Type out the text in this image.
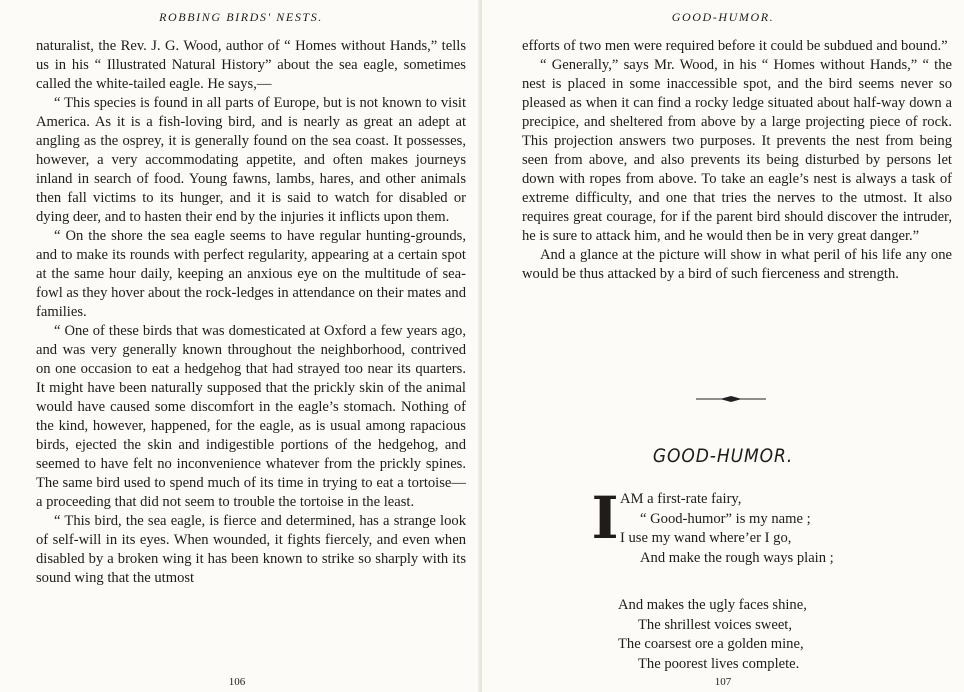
ROBBING BIRDS' NESTS.

naturalist, the Rev. J. G. Wood, author of “ Homes without Hands,” tells us in his “ Illustrated Natural History” about the sea eagle, sometimes called the white-tailed eagle. He says,—

“ This species is found in all parts of Europe, but is not known to visit America. As it is a fish-loving bird, and is nearly as great an adept at angling as the osprey, it is generally found on the sea coast. It possesses, however, a very accommodating appetite, and often makes journeys inland in search of food. Young fawns, lambs, hares, and other animals then fall victims to its hunger, and it is said to watch for disabled or dying deer, and to hasten their end by the injuries it inflicts upon them.

“ On the shore the sea eagle seems to have regular hunting-grounds, and to make its rounds with perfect regularity, appearing at a certain spot at the same hour daily, keeping an anxious eye on the multitude of sea-fowl as they hover about the rock-ledges in attendance on their mates and families.

“ One of these birds that was domesticated at Oxford a few years ago, and was very generally known throughout the neighborhood, contrived on one occasion to eat a hedgehog that had strayed too near its quarters. It might have been naturally supposed that the prickly skin of the animal would have caused some discomfort in the eagle’s stomach. Nothing of the kind, however, happened, for the eagle, as is usual among rapacious birds, ejected the skin and indigestible portions of the hedgehog, and seemed to have felt no inconvenience whatever from the prickly spines. The same bird used to spend much of its time in trying to eat a tortoise—a proceeding that did not seem to trouble the tortoise in the least.

“ This bird, the sea eagle, is fierce and determined, has a strange look of self-will in its eyes. When wounded, it fights fiercely, and even when disabled by a broken wing it has been known to strike so sharply with its sound wing that the utmost

106
GOOD-HUMOR.

efforts of two men were required before it could be subdued and bound.”

“ Generally,” says Mr. Wood, in his “ Homes without Hands,” “ the nest is placed in some inaccessible spot, and the bird seems never so pleased as when it can find a rocky ledge situated about half-way down a precipice, and sheltered from above by a large projecting piece of rock. This projection answers two purposes. It prevents the nest from being seen from above, and also prevents its being disturbed by persons let down with ropes from above. To take an eagle’s nest is always a task of extreme difficulty, and one that tries the nerves to the utmost. It also requires great courage, for if the parent bird should discover the intruder, he is sure to attack him, and he would then be in very great danger.”

And a glance at the picture will show in what peril of his life any one would be thus attacked by a bird of such fierceness and strength.

GOOD-HUMOR.
I AM a first-rate fairy,
“ Good-humor” is my name ;
I use my wand where’er I go,
And make the rough ways plain ;
And makes the ugly faces shine,
The shrillest voices sweet,
The coarsest ore a golden mine,
The poorest lives complete.
107
